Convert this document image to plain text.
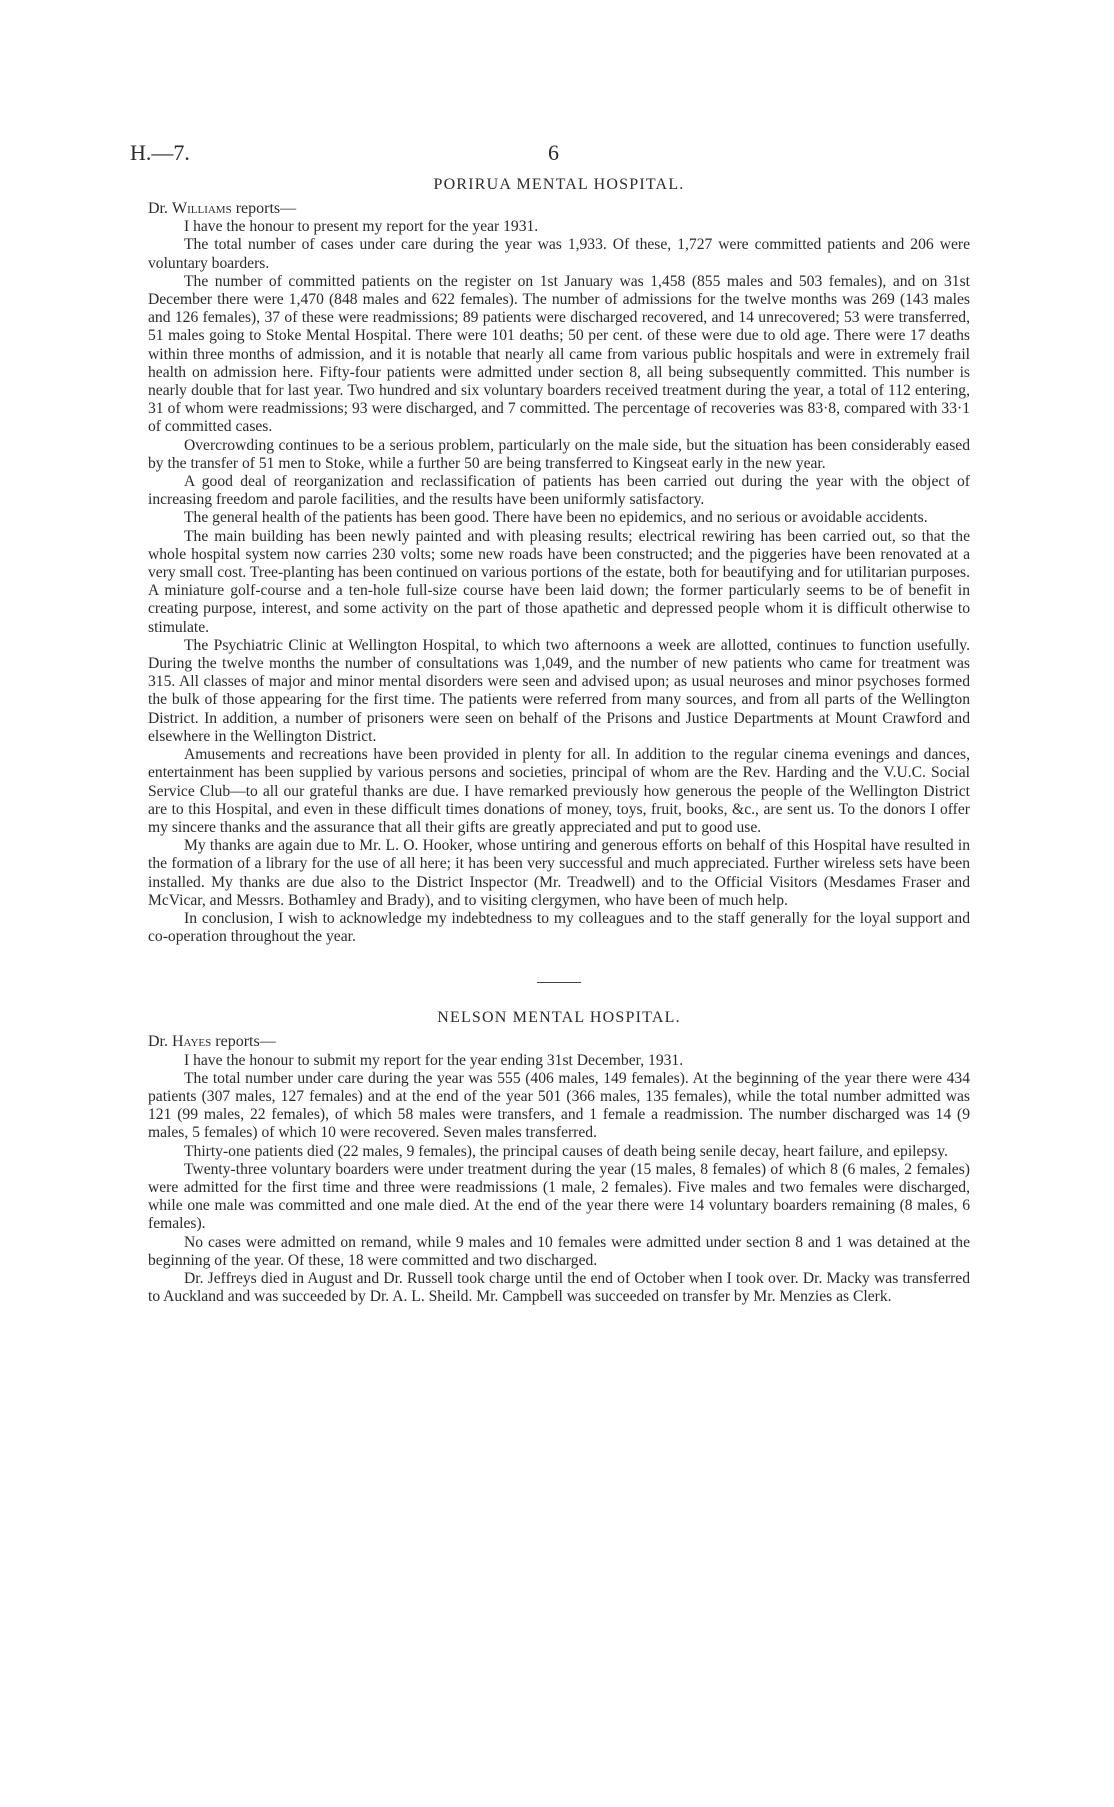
H.—7.	6
PORIRUA MENTAL HOSPITAL.

Dr. Williams reports—

I have the honour to present my report for the year 1931.

The total number of cases under care during the year was 1,933. Of these, 1,727 were committed patients and 206 were voluntary boarders.

The number of committed patients on the register on 1st January was 1,458 (855 males and 503 females), and on 31st December there were 1,470 (848 males and 622 females). The number of admissions for the twelve months was 269 (143 males and 126 females), 37 of these were readmissions; 89 patients were discharged recovered, and 14 unrecovered; 53 were transferred, 51 males going to Stoke Mental Hospital. There were 101 deaths; 50 per cent. of these were due to old age. There were 17 deaths within three months of admission, and it is notable that nearly all came from various public hospitals and were in extremely frail health on admission here. Fifty-four patients were admitted under section 8, all being subsequently committed. This number is nearly double that for last year. Two hundred and six voluntary boarders received treatment during the year, a total of 112 entering, 31 of whom were readmissions; 93 were discharged, and 7 committed. The percentage of recoveries was 83·8, compared with 33·1 of committed cases.

Overcrowding continues to be a serious problem, particularly on the male side, but the situation has been considerably eased by the transfer of 51 men to Stoke, while a further 50 are being transferred to Kingseat early in the new year.

A good deal of reorganization and reclassification of patients has been carried out during the year with the object of increasing freedom and parole facilities, and the results have been uniformly satisfactory.

The general health of the patients has been good. There have been no epidemics, and no serious or avoidable accidents.

The main building has been newly painted and with pleasing results; electrical rewiring has been carried out, so that the whole hospital system now carries 230 volts; some new roads have been constructed; and the piggeries have been renovated at a very small cost. Tree-planting has been continued on various portions of the estate, both for beautifying and for utilitarian purposes. A miniature golf-course and a ten-hole full-size course have been laid down; the former particularly seems to be of benefit in creating purpose, interest, and some activity on the part of those apathetic and depressed people whom it is difficult otherwise to stimulate.

The Psychiatric Clinic at Wellington Hospital, to which two afternoons a week are allotted, continues to function usefully. During the twelve months the number of consultations was 1,049, and the number of new patients who came for treatment was 315. All classes of major and minor mental disorders were seen and advised upon; as usual neuroses and minor psychoses formed the bulk of those appearing for the first time. The patients were referred from many sources, and from all parts of the Wellington District. In addition, a number of prisoners were seen on behalf of the Prisons and Justice Departments at Mount Crawford and elsewhere in the Wellington District.

Amusements and recreations have been provided in plenty for all. In addition to the regular cinema evenings and dances, entertainment has been supplied by various persons and societies, principal of whom are the Rev. Harding and the V.U.C. Social Service Club—to all our grateful thanks are due. I have remarked previously how generous the people of the Wellington District are to this Hospital, and even in these difficult times donations of money, toys, fruit, books, &c., are sent us. To the donors I offer my sincere thanks and the assurance that all their gifts are greatly appreciated and put to good use.

My thanks are again due to Mr. L. O. Hooker, whose untiring and generous efforts on behalf of this Hospital have resulted in the formation of a library for the use of all here; it has been very successful and much appreciated. Further wireless sets have been installed. My thanks are due also to the District Inspector (Mr. Treadwell) and to the Official Visitors (Mesdames Fraser and McVicar, and Messrs. Bothamley and Brady), and to visiting clergymen, who have been of much help.

In conclusion, I wish to acknowledge my indebtedness to my colleagues and to the staff generally for the loyal support and co-operation throughout the year.

NELSON MENTAL HOSPITAL.

Dr. Hayes reports—

I have the honour to submit my report for the year ending 31st December, 1931.

The total number under care during the year was 555 (406 males, 149 females). At the beginning of the year there were 434 patients (307 males, 127 females) and at the end of the year 501 (366 males, 135 females), while the total number admitted was 121 (99 males, 22 females), of which 58 males were transfers, and 1 female a readmission. The number discharged was 14 (9 males, 5 females) of which 10 were recovered. Seven males transferred.

Thirty-one patients died (22 males, 9 females), the principal causes of death being senile decay, heart failure, and epilepsy.

Twenty-three voluntary boarders were under treatment during the year (15 males, 8 females) of which 8 (6 males, 2 females) were admitted for the first time and three were readmissions (1 male, 2 females). Five males and two females were discharged, while one male was committed and one male died. At the end of the year there were 14 voluntary boarders remaining (8 males, 6 females).

No cases were admitted on remand, while 9 males and 10 females were admitted under section 8 and 1 was detained at the beginning of the year. Of these, 18 were committed and two discharged.

Dr. Jeffreys died in August and Dr. Russell took charge until the end of October when I took over. Dr. Macky was transferred to Auckland and was succeeded by Dr. A. L. Sheild. Mr. Campbell was succeeded on transfer by Mr. Menzies as Clerk.
